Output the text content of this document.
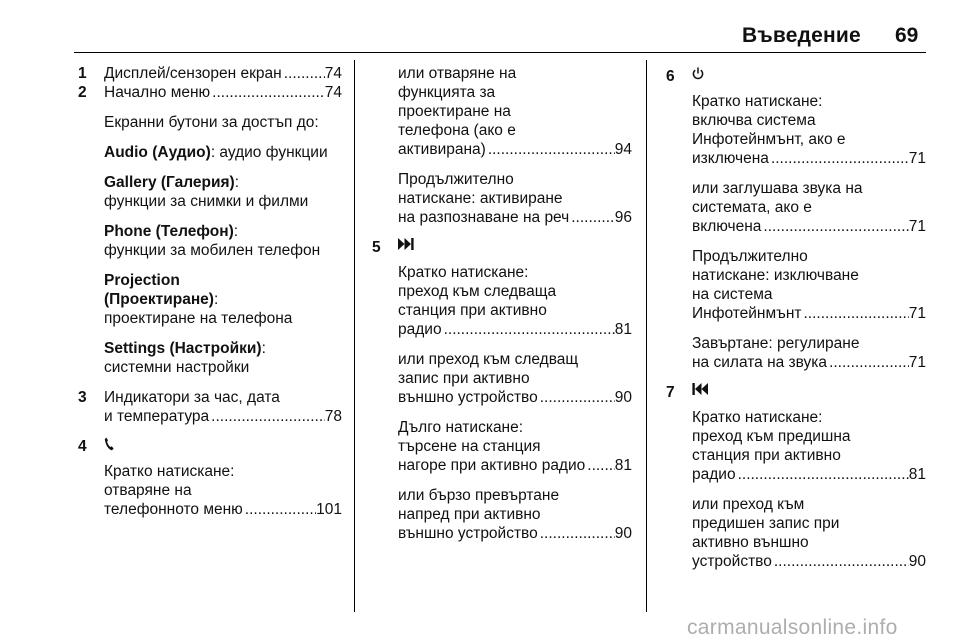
Въведение 69
1 Дисплей/сензорен екран .....	74
2 Начално меню .....	74
Екранни бутони за достъп до:
Audio (Аудио): аудио функции
Gallery (Галерия):
функции за снимки и филми
Phone (Телефон):
функции за мобилен телефон
Projection
(Проектиране):
проектиране на телефона
Settings (Настройки):
системни настройки
3 Индикатори за час, дата
и температура .....	78
4
Кратко натискане:
отваряне на
телефонното меню .....	101
или отваряне на
функцията за
проектиране на
телефона (ако е
активирана) .....	94
Продължително
натискане: активиране
на разпознаване на реч .....	96
5
Кратко натискане:
преход към следваща
станция при активно
радио .....	81
или преход към следващ
запис при активно
външно устройство .....	90
Дълго натискане:
търсене на станция
нагоре при активно радио ..... 81
или бързо превъртане
напред при активно
външно устройство .....	90
6
Кратко натискане:
включва система
Инфотейнмънт, ако е
изключена .....	71
или заглушава звука на
системата, ако е
включена .....	71
Продължително
натискане: изключване
на система
Инфотейнмънт .....	71
Завъртане: регулиране
на силата на звука .....	71
7
Кратко натискане:
преход към предишна
станция при активно
радио .....	81
или преход към
предишен запис при
активно външно
устройство .....	90
carmanualsonline.info
